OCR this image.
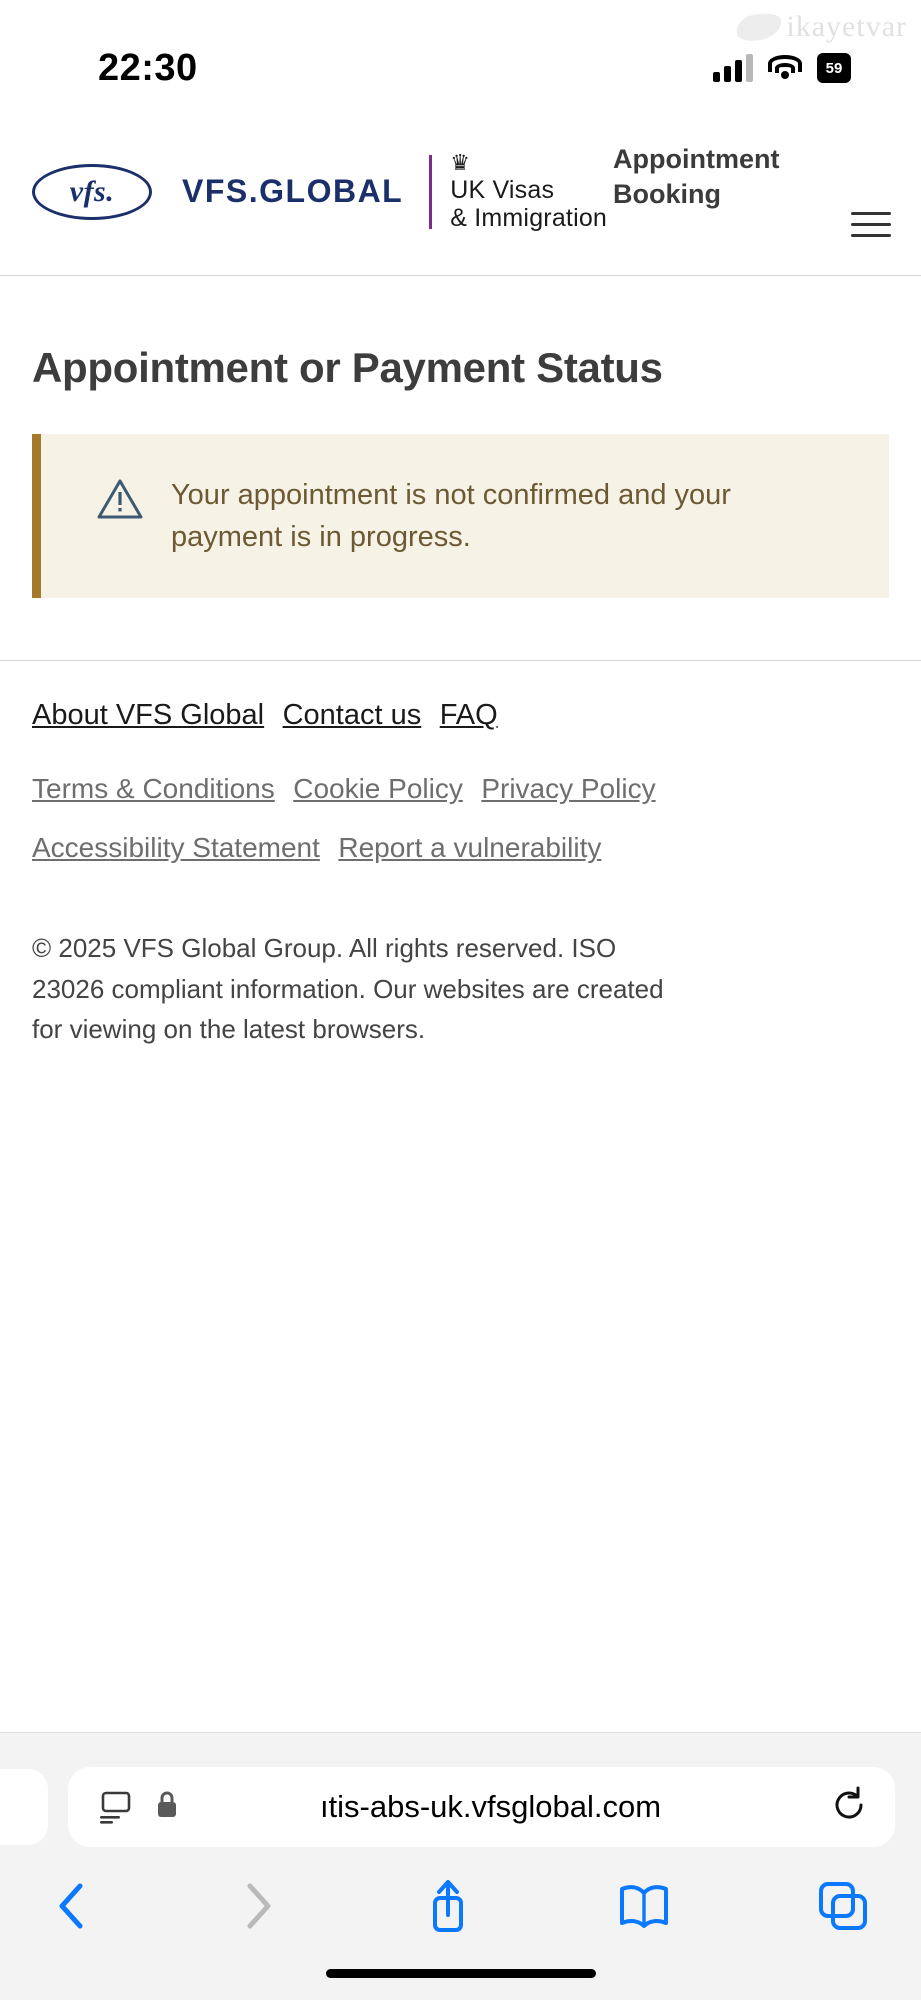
22:30	59
ikayetvar
vfs. VFS.GLOBAL
♛
UK Visas
& Immigration
Appointment Booking
Appointment or Payment Status
Your appointment is not confirmed and your payment is in progress.
About VFS Global Contact us FAQ
Terms & Conditions Cookie Policy Privacy Policy
Accessibility Statement Report a vulnerability
© 2025 VFS Global Group. All rights reserved. ISO 23026 compliant information. Our websites are created for viewing on the latest browsers.
ıtis-abs-uk.vfsglobal.com
